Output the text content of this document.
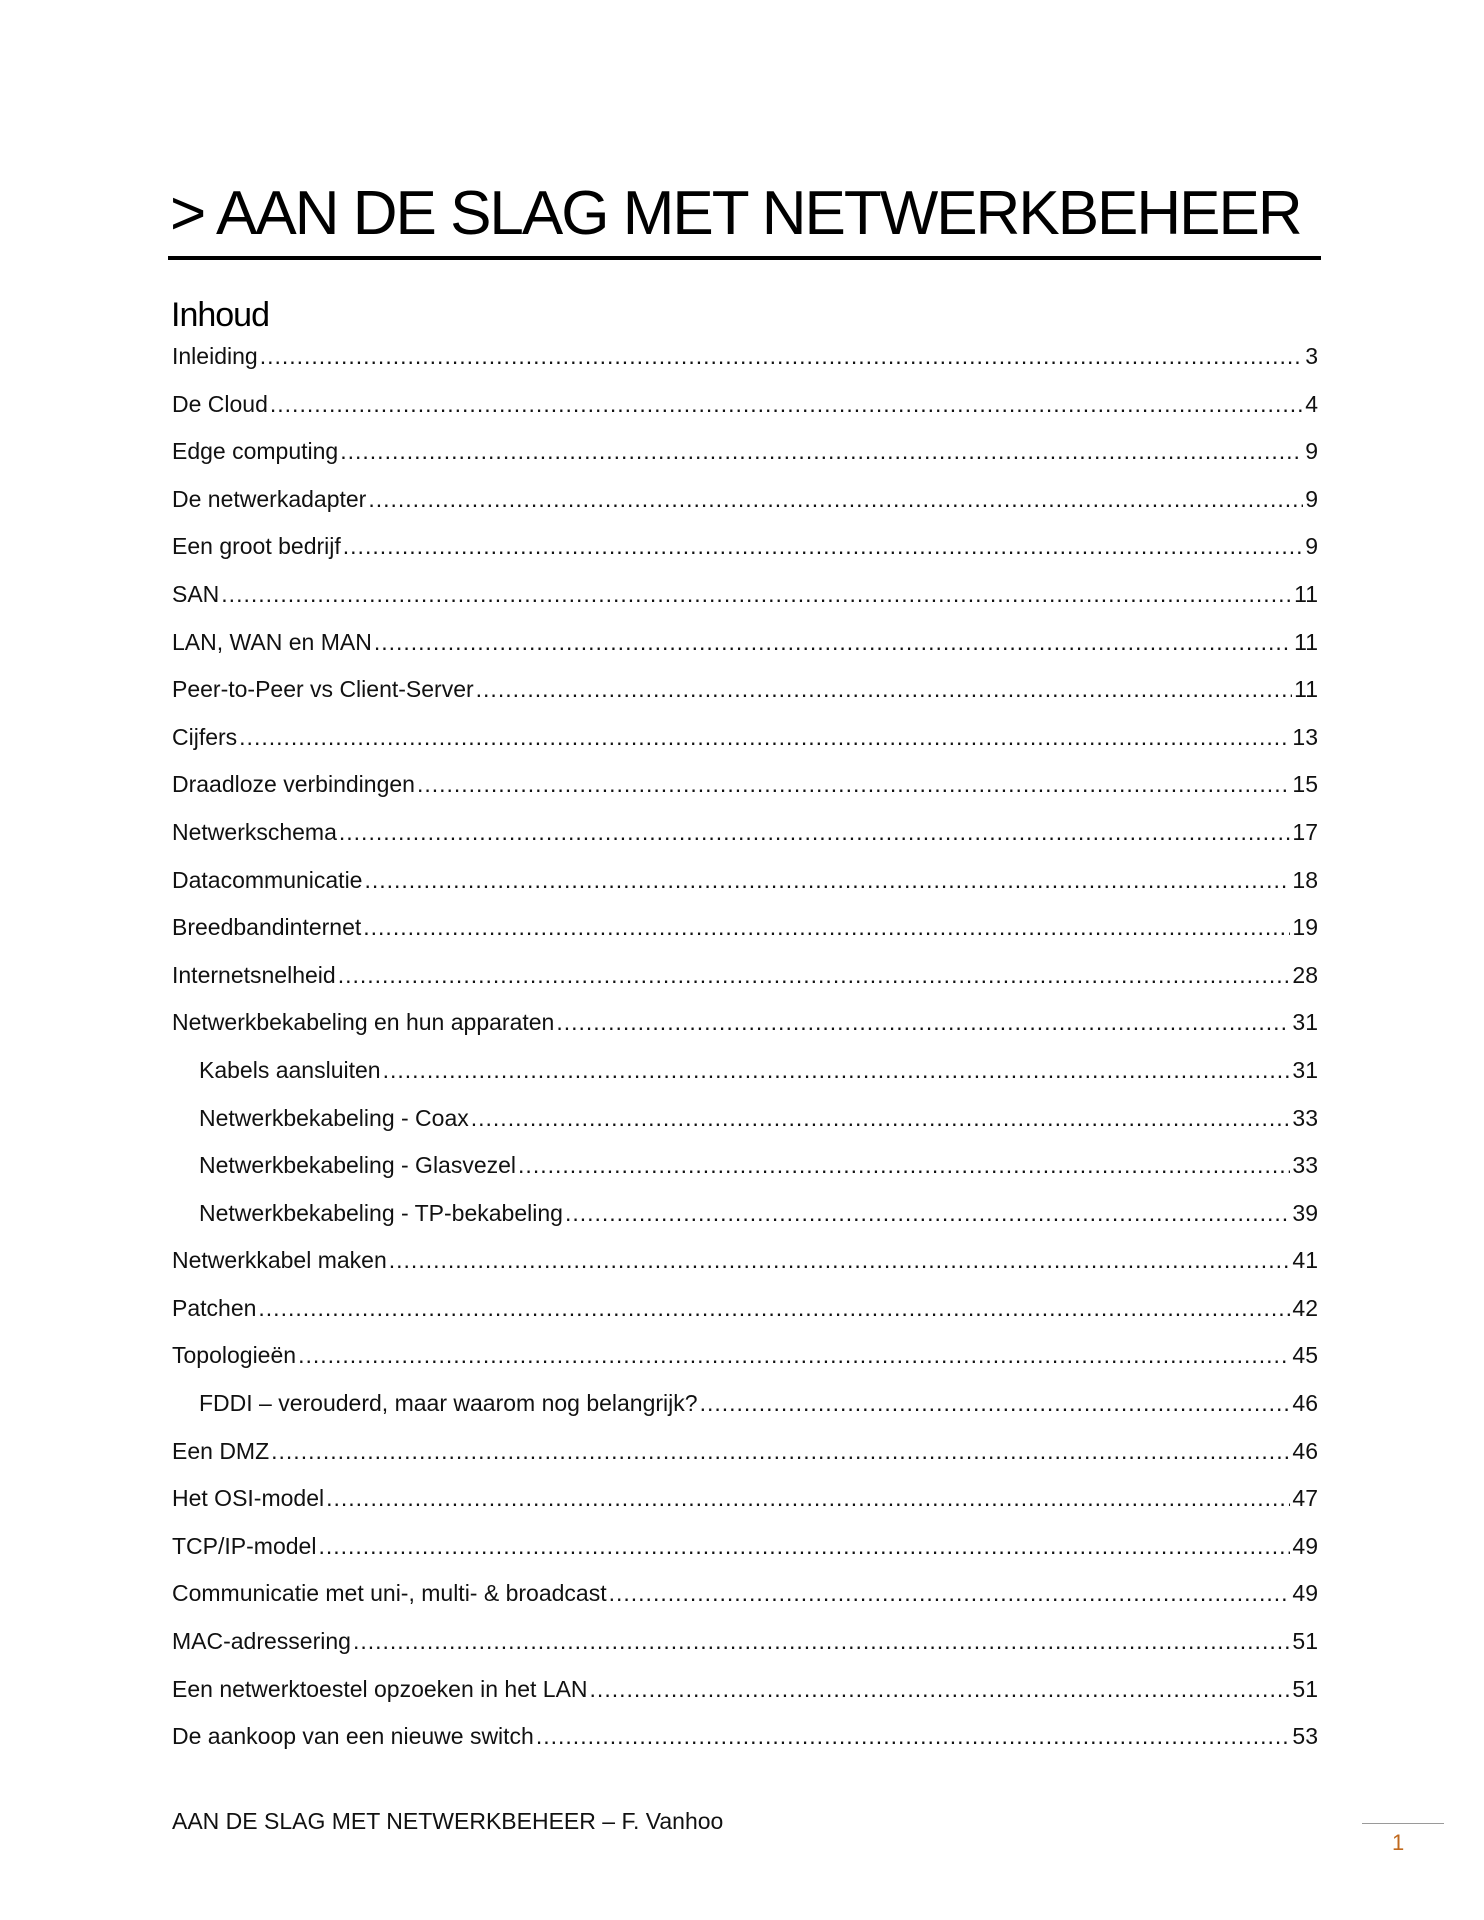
> AAN DE SLAG MET NETWERKBEHEER
Inhoud
Inleiding .....	3
De Cloud .....	4
Edge computing .....	9
De netwerkadapter .....	9
Een groot bedrijf .....	9
SAN .....	11
LAN, WAN en MAN .....	11
Peer-to-Peer vs Client-Server .....	11
Cijfers .....	13
Draadloze verbindingen .....	15
Netwerkschema .....	17
Datacommunicatie .....	18
Breedbandinternet .....	19
Internetsnelheid .....	28
Netwerkbekabeling en hun apparaten .....	31
Kabels aansluiten .....	31
Netwerkbekabeling - Coax .....	33
Netwerkbekabeling - Glasvezel .....	33
Netwerkbekabeling - TP-bekabeling .....	39
Netwerkkabel maken .....	41
Patchen .....	42
Topologieën .....	45
FDDI – verouderd, maar waarom nog belangrijk? .....	46
Een DMZ .....	46
Het OSI-model .....	47
TCP/IP-model .....	49
Communicatie met uni-, multi- & broadcast .....	49
MAC-adressering .....	51
Een netwerktoestel opzoeken in het LAN .....	51
De aankoop van een nieuwe switch .....	53
AAN DE SLAG MET NETWERKBEHEER – F. Vanhoo
1
